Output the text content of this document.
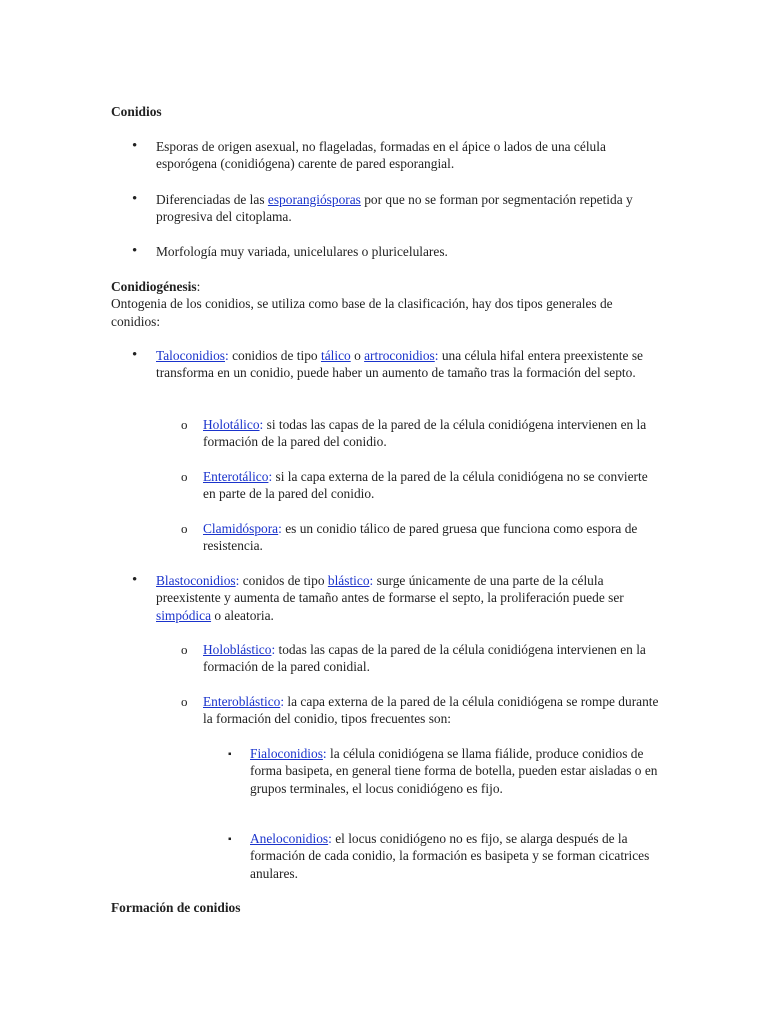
Conidios

• Esporas de origen asexual, no flageladas, formadas en el ápice o lados de una célula esporógena (conidiógena) carente de pared esporangial.
• Diferenciadas de las esporangiósporas por que no se forman por segmentación repetida y progresiva del citoplama.
• Morfología muy variada, unicelulares o pluricelulares.

Conidiogénesis:
Ontogenia de los conidios, se utiliza como base de la clasificación, hay dos tipos generales de conidios:

• Taloconidios: conidios de tipo tálico o artroconidios: una célula hifal entera preexistente se transforma en un conidio, puede haber un aumento de tamaño tras la formación del septo.
o Holotálico: si todas las capas de la pared de la célula conidiógena intervienen en la formación de la pared del conidio.
o Enterotálico: si la capa externa de la pared de la célula conidiógena no se convierte en parte de la pared del conidio.
o Clamidóspora: es un conidio tálico de pared gruesa que funciona como espora de resistencia.
• Blastoconidios: conidos de tipo blástico: surge únicamente de una parte de la célula preexistente y aumenta de tamaño antes de formarse el septo, la proliferación puede ser simpódica o aleatoria.
o Holoblástico: todas las capas de la pared de la célula conidiógena intervienen en la formación de la pared conidial.
o Enteroblástico: la capa externa de la pared de la célula conidiógena se rompe durante la formación del conidio, tipos frecuentes son:
▪ Fialoconidios: la célula conidiógena se llama fiálide, produce conidios de forma basipeta, en general tiene forma de botella, pueden estar aisladas o en grupos terminales, el locus conidiógeno es fijo.
▪ Aneloconidios: el locus conidiógeno no es fijo, se alarga después de la formación de cada conidio, la formación es basipeta y se forman cicatrices anulares.

Formación de conidios
